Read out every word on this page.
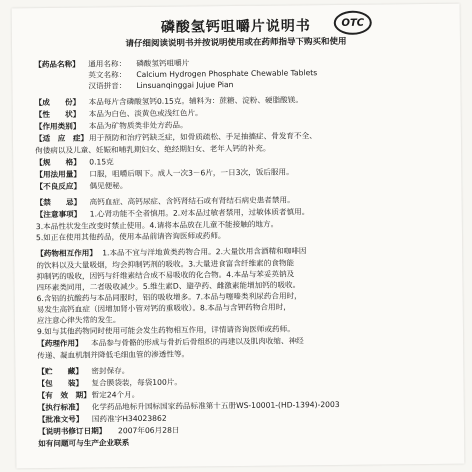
磷酸氢钙咀嚼片说明书	OTC
请仔细阅读说明书并按说明使用或在药师指导下购买和使用
【药品名称】	通用名称：	磷酸氢钙咀嚼片
英文名称：	Calcium Hydrogen Phosphate Chewable Tablets
汉语拼音：	Linsuanqinggai Jujue Pian
【成　　份】	本品每片含磷酸氢钙0.15克。辅料为：蔗糖、淀粉、硬脂酸镁。
【性　　状】	本品为白色、淡黄色或浅红色片。
【作用类别】	本品为矿物质类非处方药品。
【适　应　症】 用于预防和治疗钙缺乏症，如骨质疏松、手足抽搐症、骨发育不全、
佝偻病以及儿童、妊娠和哺乳期妇女、绝经期妇女、老年人钙的补充。
【规　　格】	0.15克
【用法用量】	口服，咀嚼后咽下。成人一次3－6片，一日3次，饭后服用。
【不良反应】	偶见便秘。
【禁　　忌】	高钙血症、高钙尿症、含钙肾结石或有肾结石病史患者禁用。
【注意事项】	1.心肾功能不全者慎用。2.对本品过敏者禁用，过敏体质者慎用。
3.本品性状发生改变时禁止使用。4.请将本品放在儿童不能接触的地方。
5.如正在使用其他药品，使用本品前请咨询医师或药师。
【药物相互作用】 1.本品不宜与洋地黄类药物合用。2.大量饮用含酒精和咖啡因
的饮料以及大量吸烟，均会抑制钙剂的吸收。3.大量进食富含纤维素的食物能
抑制钙的吸收，因钙与纤维素结合成不易吸收的化合物。4.本品与苯妥英钠及
四环素类同用，二者吸收减少。5.维生素D、避孕药、雌激素能增加钙的吸收。
6.含铝的抗酸药与本品同服时，铝的吸收增多。7.本品与噻嗪类利尿药合用时，
易发生高钙血症（因增加肾小管对钙的重吸收）。8.本品与含钾药物合用时，
应注意心律失常的发生。
9.如与其他药物同时使用可能会发生药物相互作用，详情请咨询医师或药师。
【药理作用】	本品参与骨骼的形成与骨折后骨组织的再建以及肌肉收缩、神经
传递、凝血机制并降低毛细血管的渗透性等。
【贮　　藏】	密封保存。
【包　　装】	复合膜袋装，每袋100片。
【有　效　期】 暂定24个月。
【执行标准】	化学药品地标升国标国家药品标准第十五册WS-10001-(HD-1394)-2003
【批准文号】	国药准字H34023862
【说明书修订日期】	2007年06月28日
如有问题可与生产企业联系
